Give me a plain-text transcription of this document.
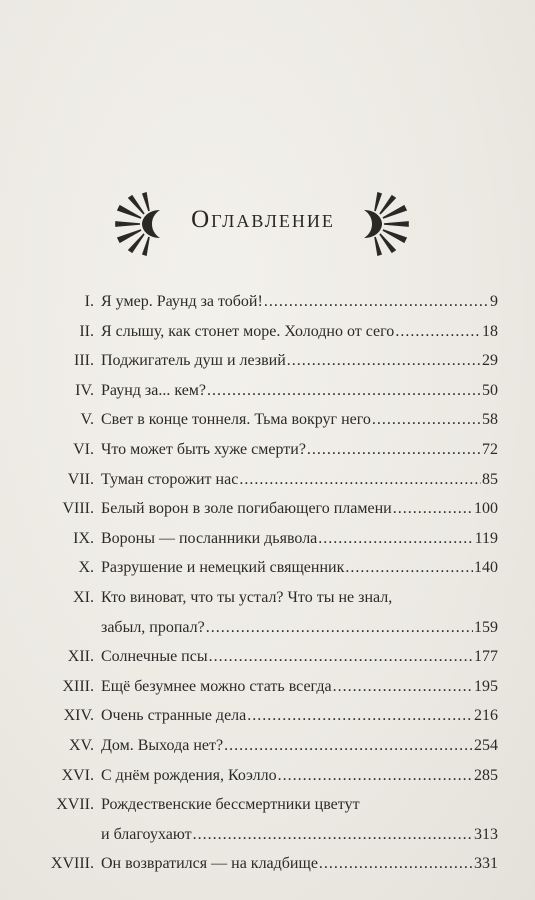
Оглавление
I. Я умер. Раунд за тобой! .....	9
II. Я слышу, как стонет море. Холодно от сего .....	18
III. Поджигатель душ и лезвий .....	29
IV. Раунд за... кем? .....	50
V. Свет в конце тоннеля. Тьма вокруг него .....	58
VI. Что может быть хуже смерти? .....	72
VII. Туман сторожит нас .....	85
VIII. Белый ворон в золе погибающего пламени .....	100
IX. Вороны — посланники дьявола .....	119
X. Разрушение и немецкий священник .....	140
XI. Кто виноват, что ты устал? Что ты не знал,
забыл, пропал? .....	159
XII. Солнечные псы .....	177
XIII. Ещё безумнее можно стать всегда .....	195
XIV. Очень странные дела .....	216
XV. Дом. Выхода нет? .....	254
XVI. С днём рождения, Коэлло .....	285
XVII. Рождественские бессмертники цветут
и благоухают .....	313
XVIII. Он возвратился — на кладбище .....	331
